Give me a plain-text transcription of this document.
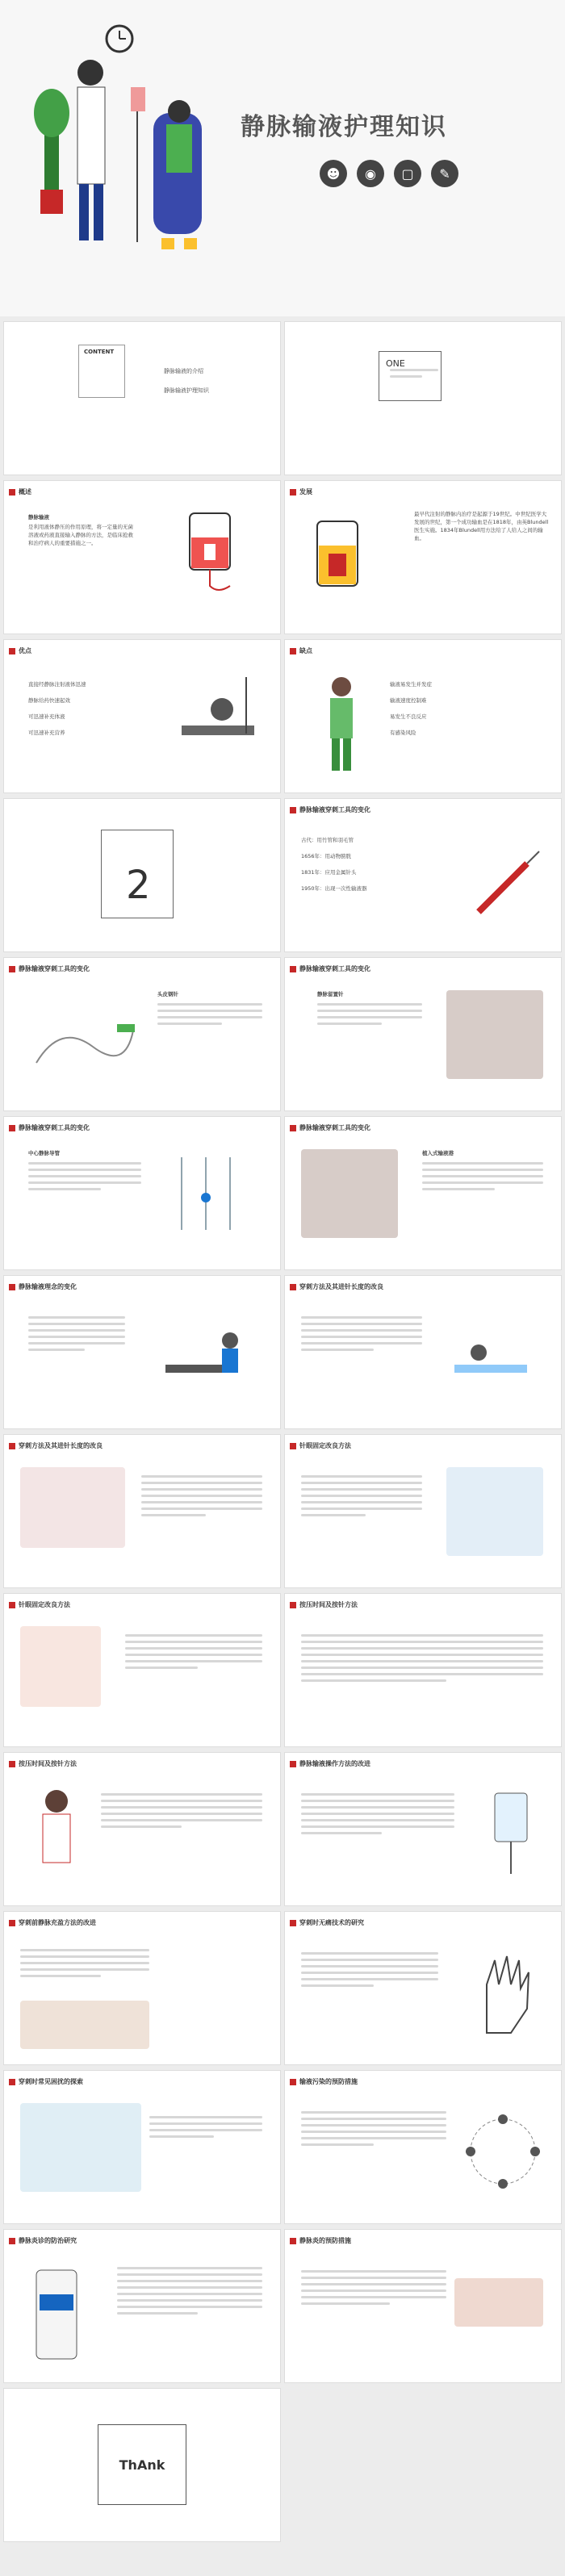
静脉输液护理知识
☻	◉	▢	✎
CONTENT
静脉输液的介绍
静脉输液护理知识
ONE
概述
静脉输液
是利用液体静压的作用原理，将一定量的无菌溶液或药液直接输入静脉的方法，是临床抢救和治疗病人的重要措施之一。
发展
最早代注射的静脉内治疗是起源于19世纪。中世纪医学大发展的世纪，第一个成功输血是在1818年，由英Blundell医生实施。1834年Blundell用方法给了人给人之间的输血。
优点
直接经静脉注射液体迅速
静脉给药快速起效
可迅速补充体液
可迅速补充营养
缺点
输液易发生并发症
输液速度控制难
易发生不良反应
有感染风险
2
静脉输液穿刺工具的变化
古代：用竹管和羽毛管
1656年：用动物膀胱
1831年：应用金属针头
1950年：出现一次性输液器
静脉输液穿刺工具的变化
头皮钢针
静脉输液穿刺工具的变化
静脉留置针
静脉输液穿刺工具的变化
中心静脉导管
静脉输液穿刺工具的变化
植入式输液港
静脉输液理念的变化	穿刺方法及其进针长度的改良
穿刺方法及其进针长度的改良	针眼固定改良方法
针眼固定改良方法	按压时间及按针方法
按压时间及按针方法	静脉输液操作方法的改进
穿刺前静脉充盈方法的改进	穿刺时无痛技术的研究
穿刺时常见困扰的探索	输液污染的预防措施
静脉炎诊的防治研究	静脉炎的预防措施
ThAnk
